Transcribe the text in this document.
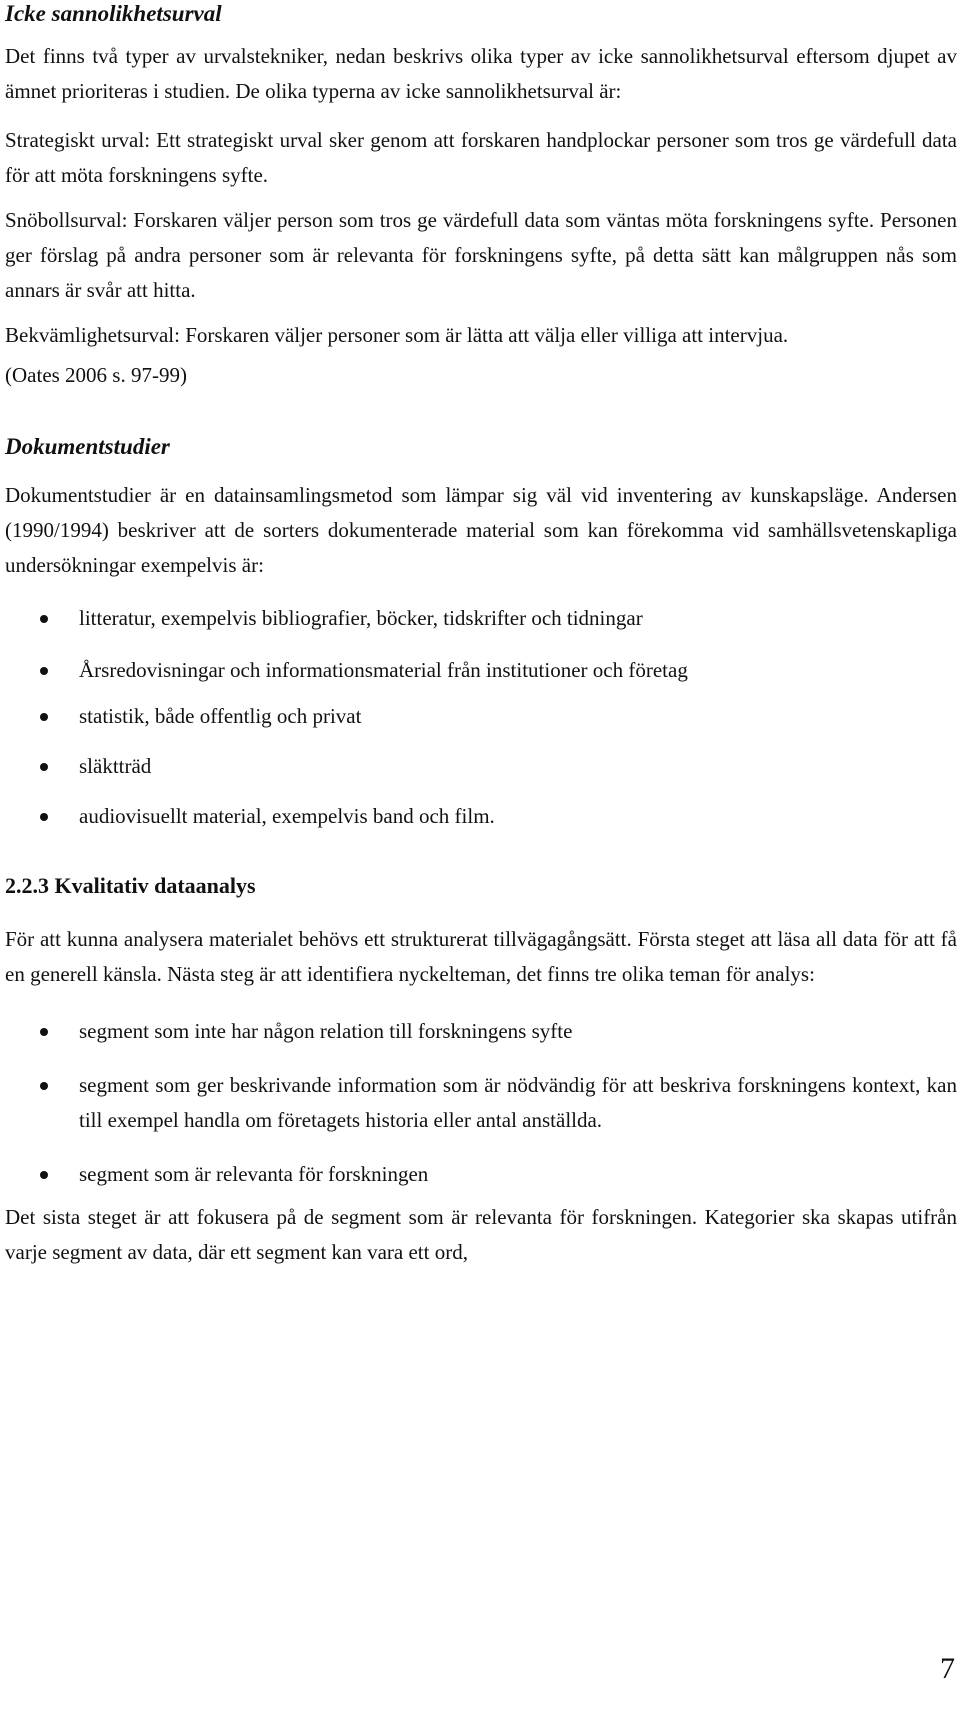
Icke sannolikhetsurval

Det finns två typer av urvalstekniker, nedan beskrivs olika typer av icke sannolikhetsurval eftersom djupet av ämnet prioriteras i studien. De olika typerna av icke sannolikhetsurval är:

Strategiskt urval: Ett strategiskt urval sker genom att forskaren handplockar personer som tros ge värdefull data för att möta forskningens syfte.

Snöbollsurval: Forskaren väljer person som tros ge värdefull data som väntas möta forskningens syfte. Personen ger förslag på andra personer som är relevanta för forskningens syfte, på detta sätt kan målgruppen nås som annars är svår att hitta.

Bekvämlighetsurval: Forskaren väljer personer som är lätta att välja eller villiga att intervjua.

(Oates 2006 s. 97-99)

Dokumentstudier

Dokumentstudier är en datainsamlingsmetod som lämpar sig väl vid inventering av kunskapsläge. Andersen (1990/1994) beskriver att de sorters dokumenterade material som kan förekomma vid samhällsvetenskapliga undersökningar exempelvis är:

litteratur, exempelvis bibliografier, böcker, tidskrifter och tidningar
Årsredovisningar och informationsmaterial från institutioner och företag
statistik, både offentlig och privat
släktträd
audiovisuellt material, exempelvis band och film.
2.2.3 Kvalitativ dataanalys

För att kunna analysera materialet behövs ett strukturerat tillvägagångsätt. Första steget att läsa all data för att få en generell känsla. Nästa steg är att identifiera nyckelteman, det finns tre olika teman för analys:

segment som inte har någon relation till forskningens syfte
segment som ger beskrivande information som är nödvändig för att beskriva forskningens kontext, kan till exempel handla om företagets historia eller antal anställda.
segment som är relevanta för forskningen

Det sista steget är att fokusera på de segment som är relevanta för forskningen. Kategorier ska skapas utifrån varje segment av data, där ett segment kan vara ett ord,

7
